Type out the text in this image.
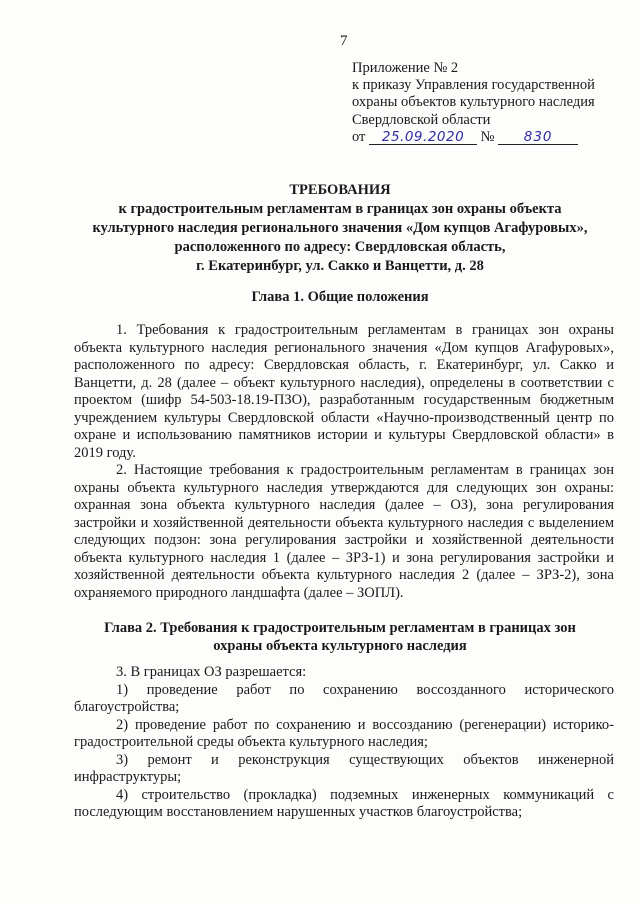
7
Приложение № 2
к приказу Управления государственной
охраны объектов культурного наследия
Свердловской области
от 25.09.2020 № 830
ТРЕБОВАНИЯ
к градостроительным регламентам в границах зон охраны объекта
культурного наследия регионального значения «Дом купцов Агафуровых»,
расположенного по адресу: Свердловская область,
г. Екатеринбург, ул. Сакко и Ванцетти, д. 28
Глава 1. Общие положения

1. Требования к градостроительным регламентам в границах зон охраны объекта культурного наследия регионального значения «Дом купцов Агафуровых», расположенного по адресу: Свердловская область, г. Екатеринбург, ул. Сакко и Ванцетти, д. 28 (далее – объект культурного наследия), определены в соответствии с проектом (шифр 54-503-18.19-ПЗО), разработанным государственным бюджетным учреждением культуры Свердловской области «Научно-производственный центр по охране и использованию памятников истории и культуры Свердловской области» в 2019 году.

2. Настоящие требования к градостроительным регламентам в границах зон охраны объекта культурного наследия утверждаются для следующих зон охраны: охранная зона объекта культурного наследия (далее – ОЗ), зона регулирования застройки и хозяйственной деятельности объекта культурного наследия с выделением следующих подзон: зона регулирования застройки и хозяйственной деятельности объекта культурного наследия 1 (далее – ЗРЗ-1) и зона регулирования застройки и хозяйственной деятельности объекта культурного наследия 2 (далее – ЗРЗ-2), зона охраняемого природного ландшафта (далее – ЗОПЛ).

Глава 2. Требования к градостроительным регламентам в границах зон
охраны объекта культурного наследия

3. В границах ОЗ разрешается:

1) проведение работ по сохранению воссозданного исторического благоустройства;

2) проведение работ по сохранению и воссозданию (регенерации) историко-градостроительной среды объекта культурного наследия;

3) ремонт и реконструкция существующих объектов инженерной инфраструктуры;

4) строительство (прокладка) подземных инженерных коммуникаций с последующим восстановлением нарушенных участков благоустройства;
